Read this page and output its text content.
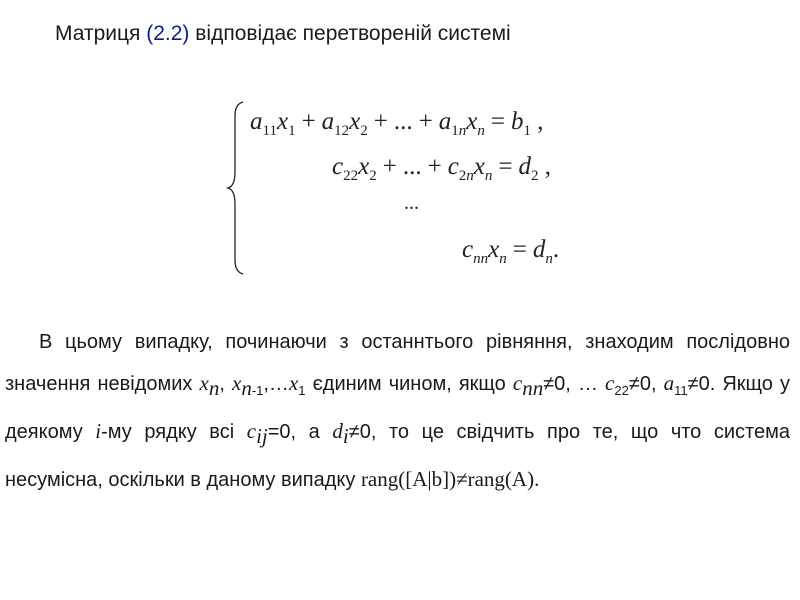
Матриця (2.2) відповідає перетвореній системі
$a_{11}x_1 + a_{12}x_2$ + ... + $a_{1n}x_n = b_1$ ,
$c_{22}x_2$ + ... + $c_{2n}x_n = d_2$ ,
...
$c_{nn}x_n = d_n$.

В цьому випадку, починаючи з останнтього рівняння, знаходим послідовно значення невідомих $x_n$, $x_{n-1},\dots x_1$ єдиним чином, якщо $c_{nn}\ne 0$, … $c_{22}\ne 0$, $a_{11}\ne 0$. Якщо у деякому i-му рядку всі $c_{ij}=0$, а $d_i\ne 0$, то це свідчить про те, що что система несумісна, оскільки в даному випадку rang([A|b])≠rang(A).
